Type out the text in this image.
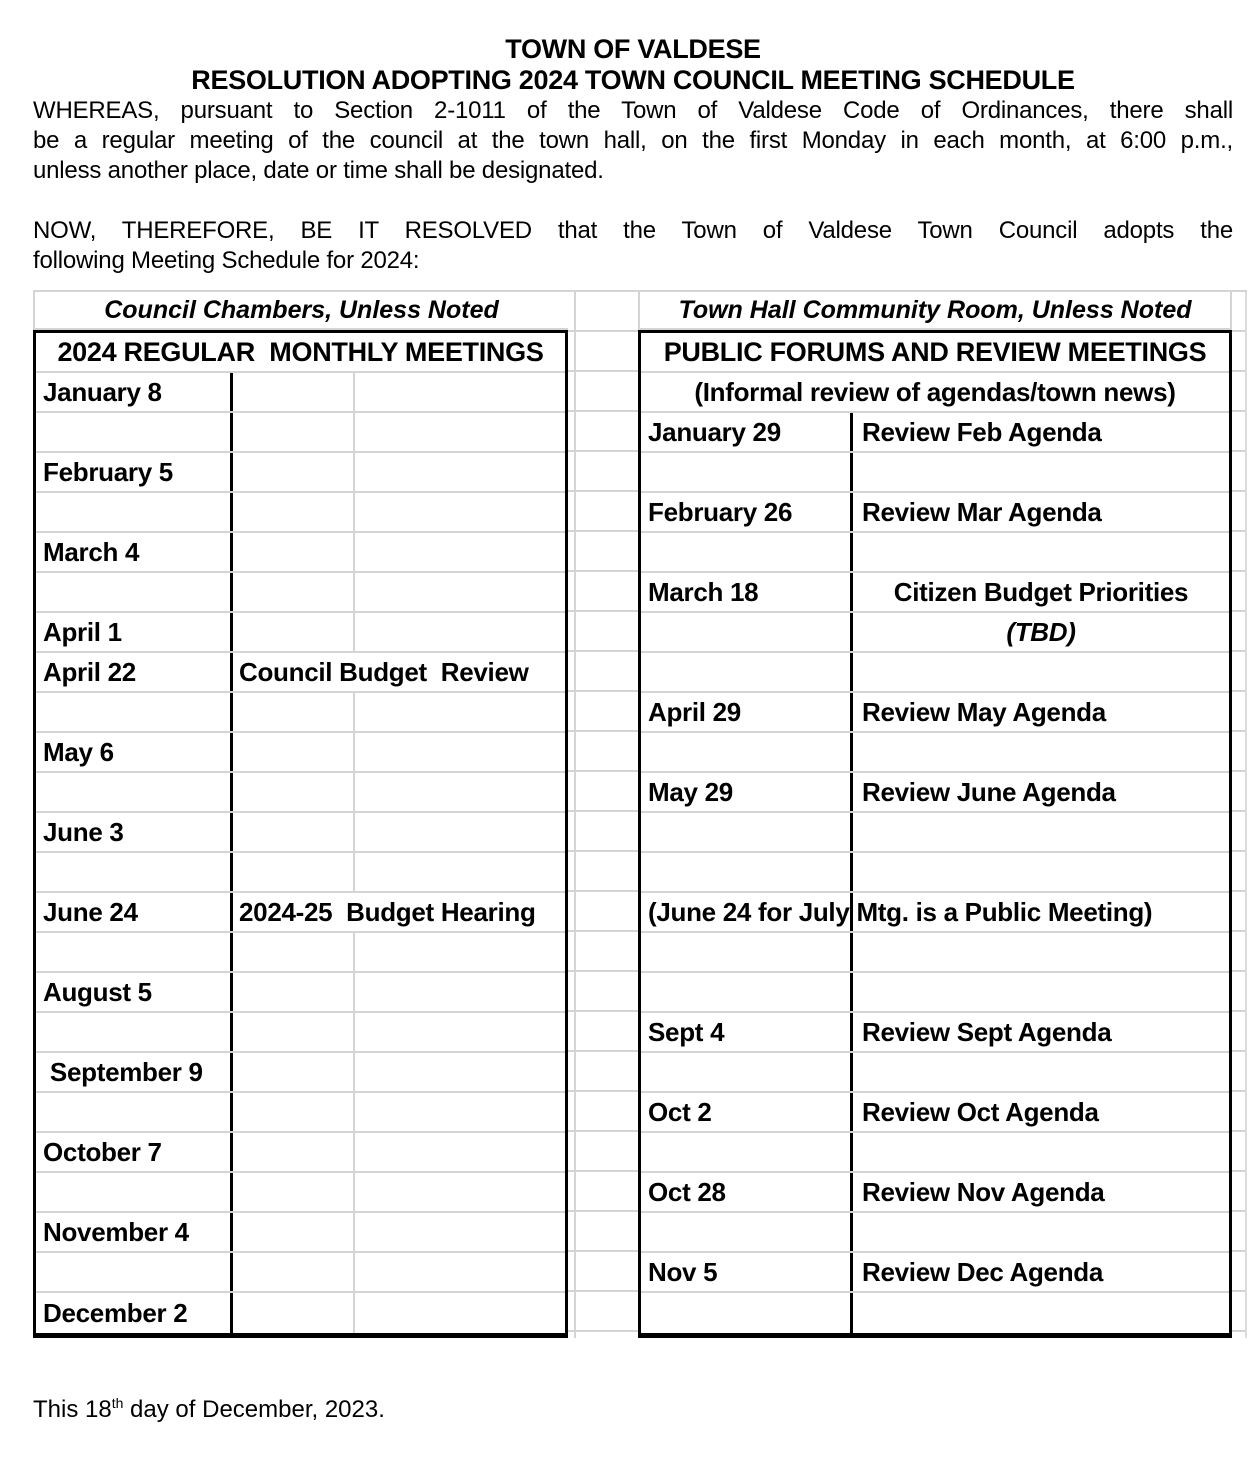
TOWN OF VALDESE
RESOLUTION ADOPTING 2024 TOWN COUNCIL MEETING SCHEDULE
WHEREAS, pursuant to Section 2-1011 of the Town of Valdese Code of Ordinances, there shall
be a regular meeting of the council at the town hall, on the first Monday in each month, at 6:00 p.m.,
unless another place, date or time shall be designated.
NOW, THEREFORE, BE IT RESOLVED that the Town of Valdese Town Council adopts the
following Meeting Schedule for 2024:
Council Chambers, Unless Noted	Town Hall Community Room, Unless Noted
2024 REGULAR  MONTHLY MEETINGS
January 8
February 5
March 4
April 1
April 22	Council Budget  Review
May 6
June 3
June 24	2024-25  Budget Hearing
August 5
September 9
October 7
November 4
December 2
PUBLIC FORUMS AND REVIEW MEETINGS
(Informal review of agendas/town news)
January 29	Review Feb Agenda
February 26	Review Mar Agenda
March 18	Citizen Budget Priorities
(TBD)
April 29	Review May Agenda
May 29	Review June Agenda
(June 24 for July Mtg. is a Public Meeting)
Sept 4	Review Sept Agenda
Oct 2	Review Oct Agenda
Oct 28	Review Nov Agenda
Nov 5	Review Dec Agenda
This 18th day of December, 2023.
